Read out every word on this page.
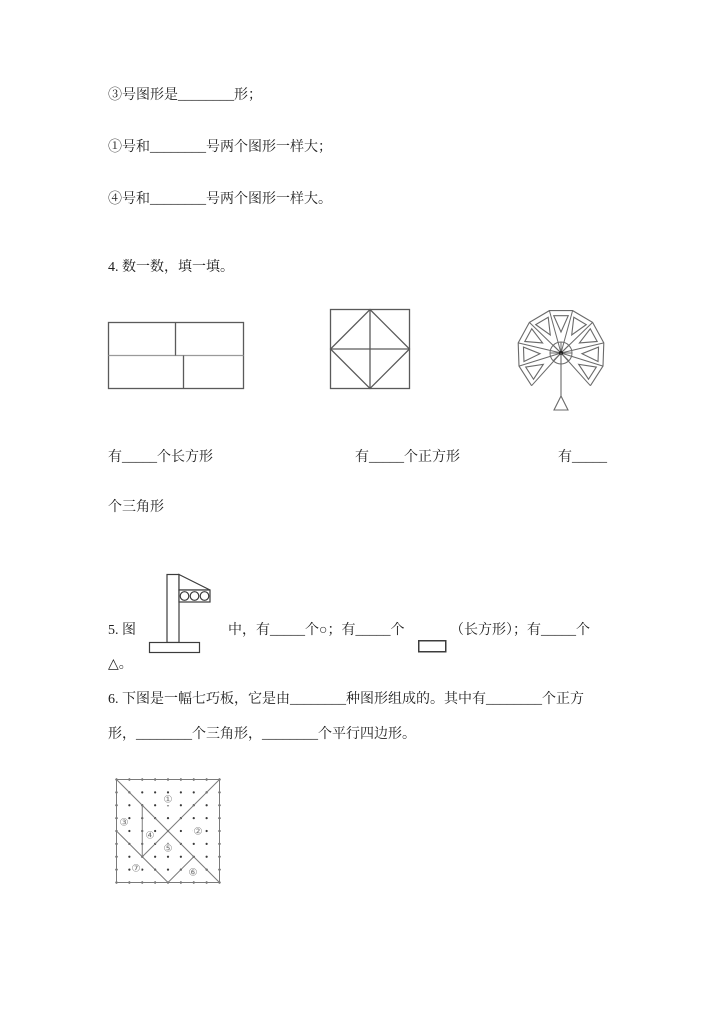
③号图形是________形；
①号和________号两个图形一样大；
④号和________号两个图形一样大。
4. 数一数，填一填。
有_____个长方形	有_____个正方形	有_____
个三角形
5. 图	中，有_____个○；有_____个	（长方形）；有_____个
△。
6. 下图是一幅七巧板，它是由________种图形组成的。其中有________个正方
形，________个三角形，________个平行四边形。
①
②
③
④
⑤
⑥
⑦
